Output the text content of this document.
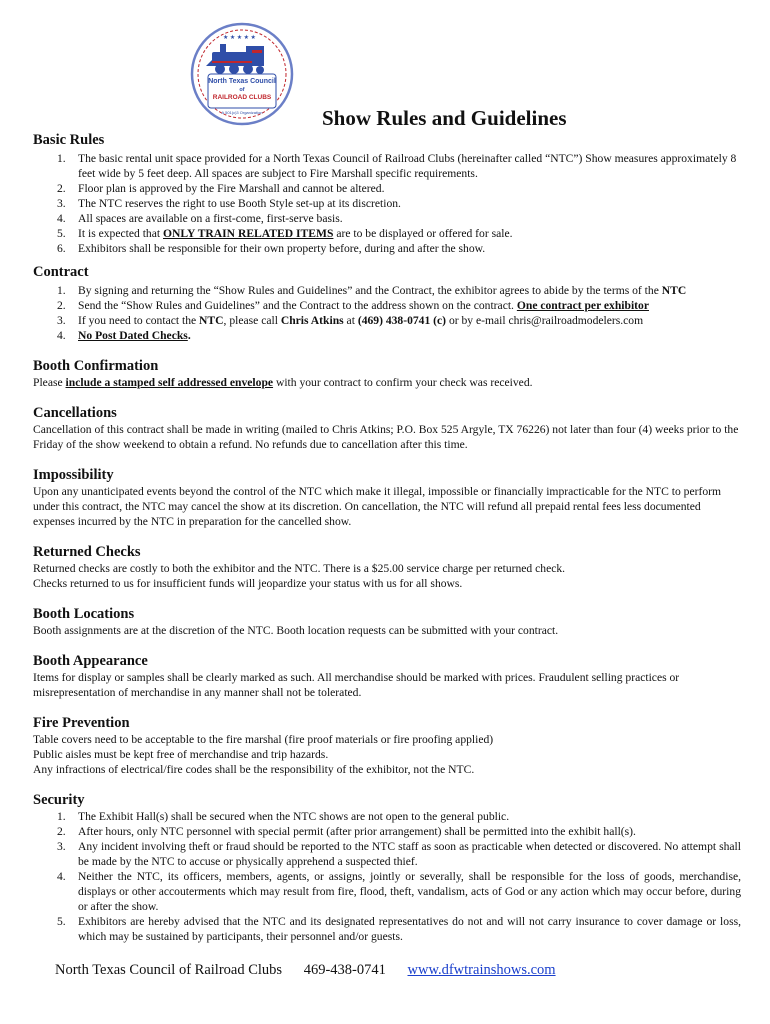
★ ★ ★ ★ ★
North Texas Council
of
RAILROAD CLUBS
A 501(c)3 Organization	Show Rules and Guidelines
Basic Rules
1. The basic rental unit space provided for a North Texas Council of Railroad Clubs (hereinafter called “NTC”) Show measures approximately 8 feet wide by 5 feet deep. All spaces are subject to Fire Marshall specific requirements.
2. Floor plan is approved by the Fire Marshall and cannot be altered.
3. The NTC reserves the right to use Booth Style set-up at its discretion.
4. All spaces are available on a first-come, first-serve basis.
5. It is expected that ONLY TRAIN RELATED ITEMS are to be displayed or offered for sale.
6. Exhibitors shall be responsible for their own property before, during and after the show.
Contract
1. By signing and returning the “Show Rules and Guidelines” and the Contract, the exhibitor agrees to abide by the terms of the NTC
2. Send the “Show Rules and Guidelines” and the Contract to the address shown on the contract. One contract per exhibitor
3. If you need to contact the NTC, please call Chris Atkins at (469) 438-0741 (c) or by e-mail chris@railroadmodelers.com
4. No Post Dated Checks.
Booth Confirmation

Please include a stamped self addressed envelope with your contract to confirm your check was received.

Cancellations

Cancellation of this contract shall be made in writing (mailed to Chris Atkins; P.O. Box 525 Argyle, TX 76226) not later than four (4) weeks prior to the Friday of the show weekend to obtain a refund. No refunds due to cancellation after this time.

Impossibility

Upon any unanticipated events beyond the control of the NTC which make it illegal, impossible or financially impracticable for the NTC to perform under this contract, the NTC may cancel the show at its discretion. On cancellation, the NTC will refund all prepaid rental fees less documented expenses incurred by the NTC in preparation for the cancelled show.

Returned Checks

Returned checks are costly to both the exhibitor and the NTC. There is a $25.00 service charge per returned check.

Checks returned to us for insufficient funds will jeopardize your status with us for all shows.

Booth Locations

Booth assignments are at the discretion of the NTC. Booth location requests can be submitted with your contract.

Booth Appearance

Items for display or samples shall be clearly marked as such. All merchandise should be marked with prices. Fraudulent selling practices or misrepresentation of merchandise in any manner shall not be tolerated.

Fire Prevention

Table covers need to be acceptable to the fire marshal (fire proof materials or fire proofing applied)

Public aisles must be kept free of merchandise and trip hazards.

Any infractions of electrical/fire codes shall be the responsibility of the exhibitor, not the NTC.

Security
1. The Exhibit Hall(s) shall be secured when the NTC shows are not open to the general public.
2. After hours, only NTC personnel with special permit (after prior arrangement) shall be permitted into the exhibit hall(s).
3. Any incident involving theft or fraud should be reported to the NTC staff as soon as practicable when detected or discovered. No attempt shall be made by the NTC to accuse or physically apprehend a suspected thief.
4. Neither the NTC, its officers, members, agents, or assigns, jointly or severally, shall be responsible for the loss of goods, merchandise, displays or other accouterments which may result from fire, flood, theft, vandalism, acts of God or any action which may occur before, during or after the show.
5. Exhibitors are hereby advised that the NTC and its designated representatives do not and will not carry insurance to cover damage or loss, which may be sustained by participants, their personnel and/or guests.
North Texas Council of Railroad Clubs 469-438-0741 www.dfwtrainshows.com
